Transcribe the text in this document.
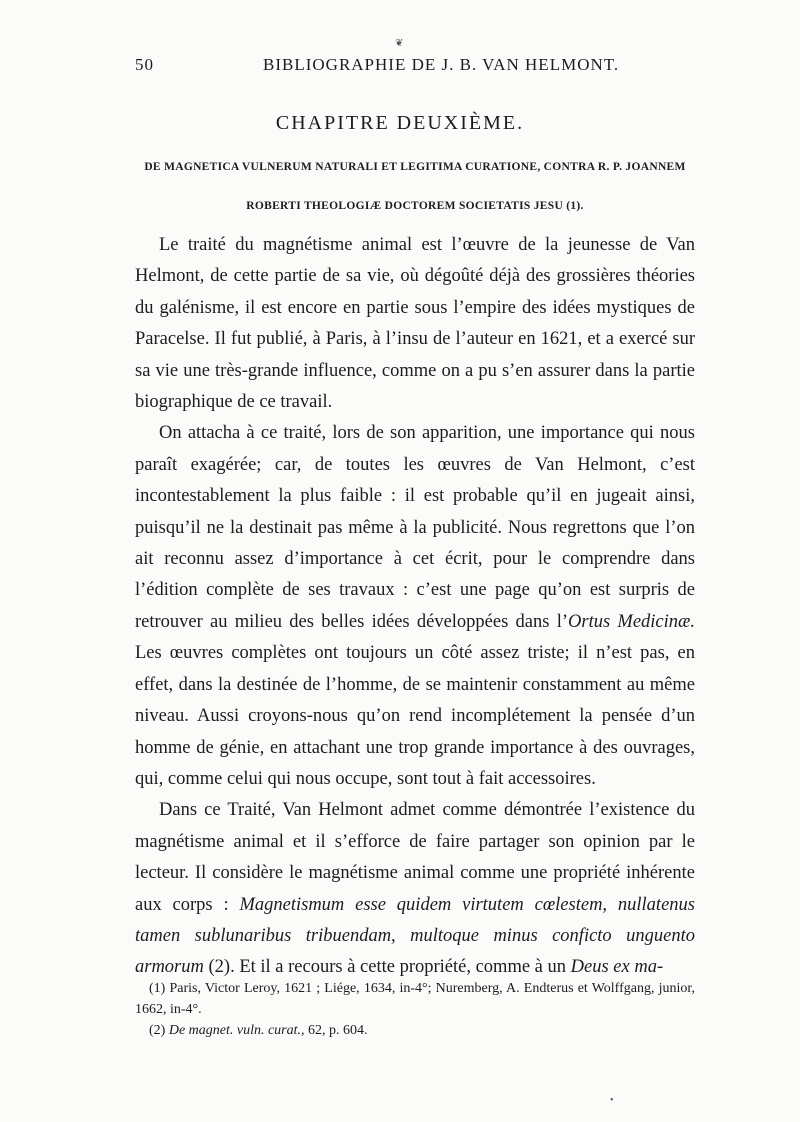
❦
50	BIBLIOGRAPHIE DE J. B. VAN HELMONT.
CHAPITRE DEUXIÈME.
DE MAGNETICA VULNERUM NATURALI ET LEGITIMA CURATIONE, CONTRA R. P. JOANNEM
ROBERTI THEOLOGIÆ DOCTOREM SOCIETATIS JESU (1).

Le traité du magnétisme animal est l’œuvre de la jeunesse de Van Helmont, de cette partie de sa vie, où dégoûté déjà des grossières théories du galénisme, il est encore en partie sous l’empire des idées mystiques de Paracelse. Il fut publié, à Paris, à l’insu de l’auteur en 1621, et a exercé sur sa vie une très-grande influence, comme on a pu s’en assurer dans la partie biographique de ce travail.

On attacha à ce traité, lors de son apparition, une importance qui nous paraît exagérée; car, de toutes les œuvres de Van Helmont, c’est incontestablement la plus faible : il est probable qu’il en jugeait ainsi, puisqu’il ne la destinait pas même à la publicité. Nous regrettons que l’on ait reconnu assez d’importance à cet écrit, pour le comprendre dans l’édition complète de ses travaux : c’est une page qu’on est surpris de retrouver au milieu des belles idées développées dans l’Ortus Medicinæ. Les œuvres complètes ont toujours un côté assez triste; il n’est pas, en effet, dans la destinée de l’homme, de se maintenir constamment au même niveau. Aussi croyons-nous qu’on rend incomplétement la pensée d’un homme de génie, en attachant une trop grande importance à des ouvrages, qui, comme celui qui nous occupe, sont tout à fait accessoires.

Dans ce Traité, Van Helmont admet comme démontrée l’existence du magnétisme animal et il s’efforce de faire partager son opinion par le lecteur. Il considère le magnétisme animal comme une propriété inhérente aux corps : Magnetismum esse quidem virtutem cœlestem, nullatenus tamen sublunaribus tribuendam, multoque minus conficto unguento armorum (2). Et il a recours à cette propriété, comme à un Deus ex ma-

(1) Paris, Victor Leroy, 1621 ; Liége, 1634, in-4°; Nuremberg, A. Endterus et Wolffgang, junior, 1662, in-4°.

(2) De magnet. vuln. curat., 62, p. 604.

•
